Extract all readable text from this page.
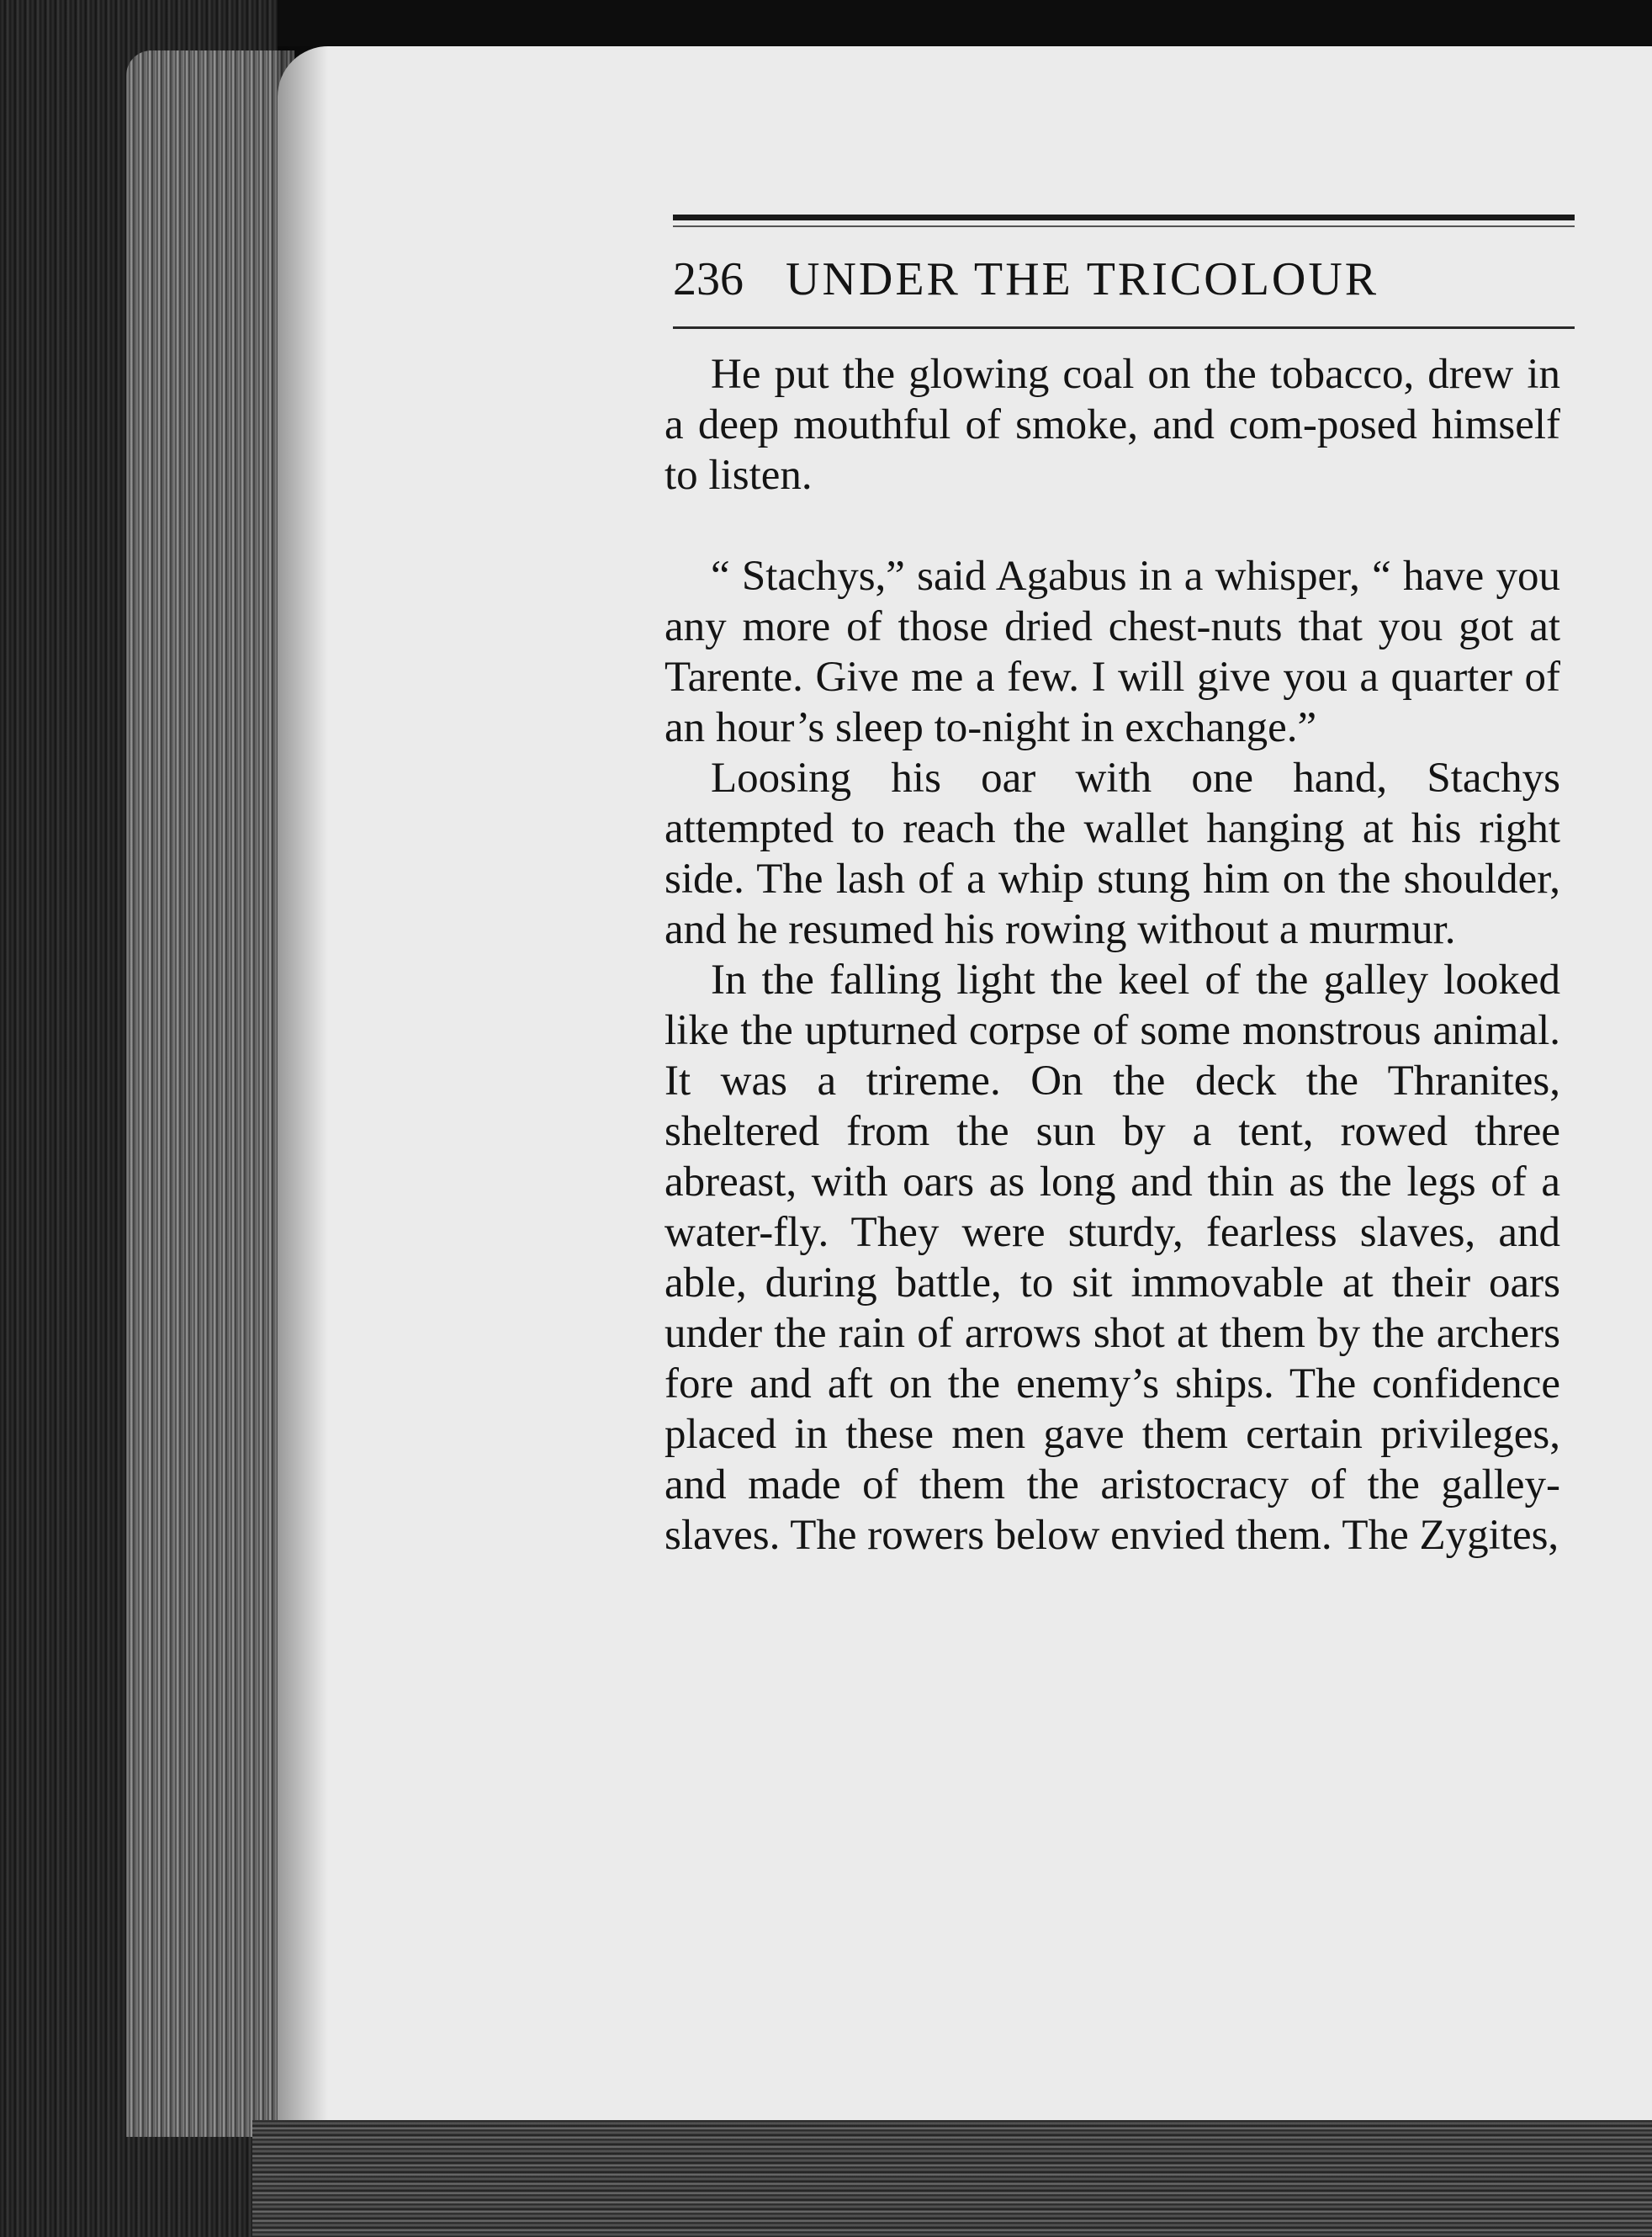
236 UNDER THE TRICOLOUR

He put the glowing coal on the tobacco, drew in a deep mouthful of smoke, and com-posed himself to listen.

“ Stachys,” said Agabus in a whisper, “ have you any more of those dried chest-nuts that you got at Tarente. Give me a few. I will give you a quarter of an hour’s sleep to-night in exchange.”

Loosing his oar with one hand, Stachys attempted to reach the wallet hanging at his right side. The lash of a whip stung him on the shoulder, and he resumed his rowing without a murmur.

In the falling light the keel of the galley looked like the upturned corpse of some monstrous animal. It was a trireme. On the deck the Thranites, sheltered from the sun by a tent, rowed three abreast, with oars as long and thin as the legs of a water-fly. They were sturdy, fearless slaves, and able, during battle, to sit immovable at their oars under the rain of arrows shot at them by the archers fore and aft on the enemy’s ships. The confidence placed in these men gave them certain privileges, and made of them the aristocracy of the galley-slaves. The rowers below envied them. The Zygites,
